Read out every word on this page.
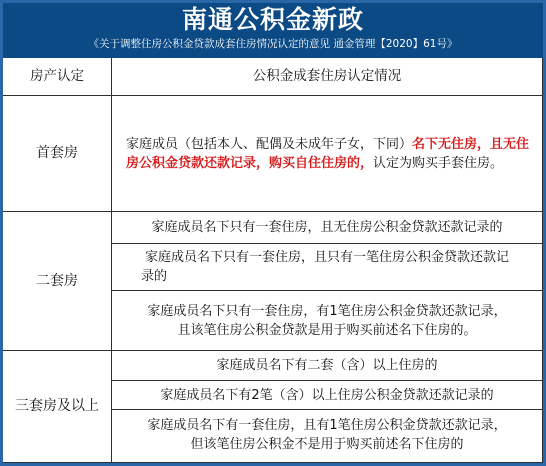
南通公积金新政
《关于调整住房公积金贷款成套住房情况认定的意见 通金管理【2020】61号》
房产认定	公积金成套住房认定情况
首套房
家庭成员（包括本人、配偶及未成年子女，下同）名下无住房，且无住房公积金贷款还款记录，购买自住住房的，认定为购买手套住房。
二套房
家庭成员名下只有一套住房，且无住房公积金贷款还款记录的
家庭成员名下只有一套住房，且只有一笔住房公积金贷款还款记
录的
家庭成员名下只有一套住房，有1笔住房公积金贷款还款记录，
且该笔住房公积金贷款是用于购买前述名下住房的。
三套房及以上
家庭成员名下有二套（含）以上住房的
家庭成员名下有2笔（含）以上住房公积金贷款还款记录的
家庭成员名下有一套住房，且有1笔住房公积金贷款还款记录，
但该笔住房公积金不是用于购买前述名下住房的
